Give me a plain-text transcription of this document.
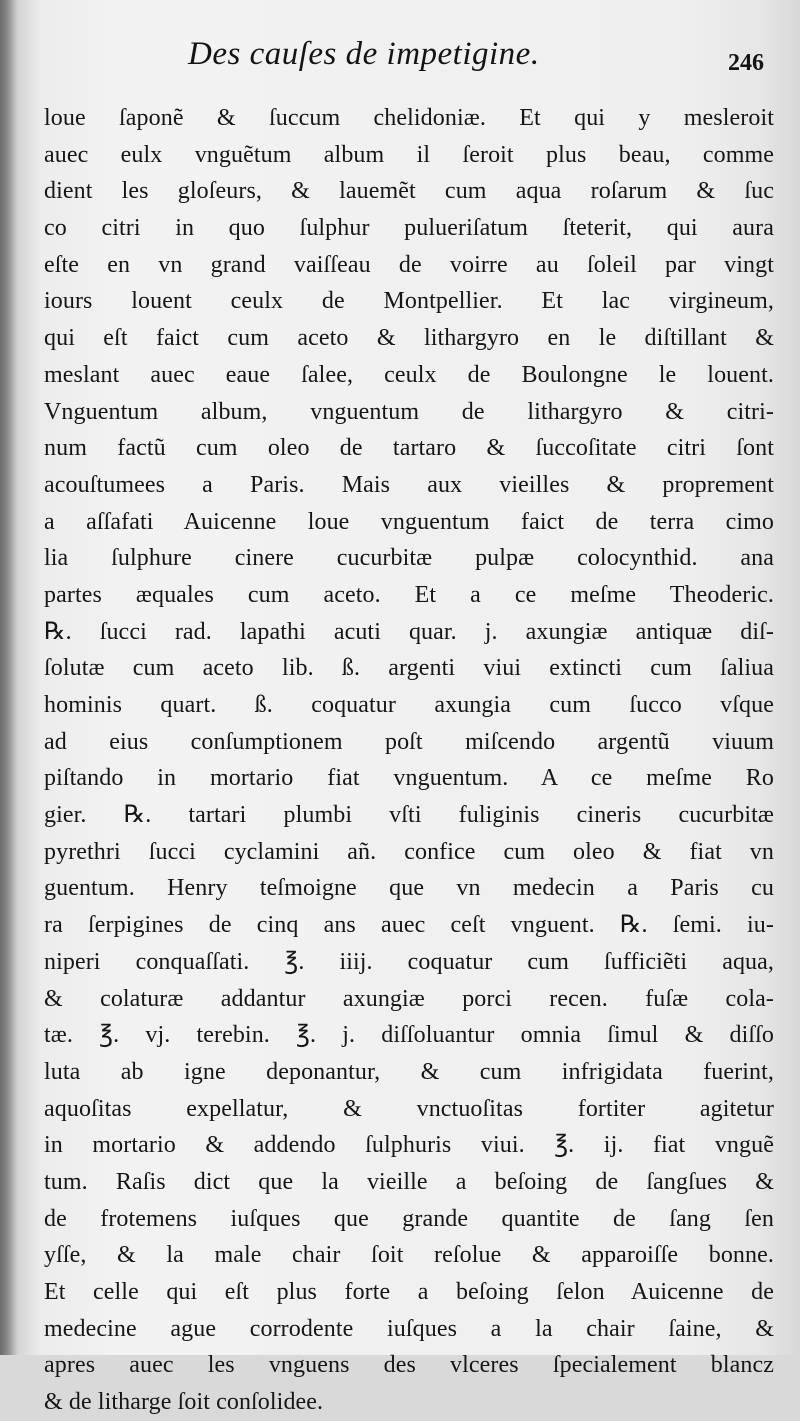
Des cauſes de impetigine.	246
loue ſaponẽ & ſuccum chelidoniæ. Et qui y mesleroit
auec eulx vnguẽtum album il ſeroit plus beau, comme
dient les gloſeurs, & lauemẽt cum aqua roſarum & ſuc
co citri in quo ſulphur pulueriſatum ſteterit, qui aura
eſte en vn grand vaiſſeau de voirre au ſoleil par vingt
iours louent ceulx de Montpellier. Et lac virgineum,
qui eſt faict cum aceto & lithargyro en le diſtillant &
meslant auec eaue ſalee, ceulx de Boulongne le louent.
Vnguentum album, vnguentum de lithargyro & citri-
num factũ cum oleo de tartaro & ſuccoſitate citri ſont
acouſtumees a Paris. Mais aux vieilles & proprement
a aſſafati Auicenne loue vnguentum faict de terra cimo
lia ſulphure cinere cucurbitæ pulpæ colocynthid. ana
partes æquales cum aceto. Et a ce meſme Theoderic.
℞. ſucci rad. lapathi acuti quar. j. axungiæ antiquæ diſ-
ſolutæ cum aceto lib. ß. argenti viui extincti cum ſaliua
hominis quart. ß. coquatur axungia cum ſucco vſque
ad eius conſumptionem poſt miſcendo argentũ viuum
piſtando in mortario fiat vnguentum. A ce meſme Ro
gier. ℞. tartari plumbi vſti fuliginis cineris cucurbitæ
pyrethri ſucci cyclamini añ. confice cum oleo & fiat vn
guentum. Henry teſmoigne que vn medecin a Paris cu
ra ſerpigines de cinq ans auec ceſt vnguent. ℞. ſemi. iu-
niperi conquaſſati. ℥. iiij. coquatur cum ſufficiẽti aqua,
& colaturæ addantur axungiæ porci recen. fuſæ cola-
tæ. ℥. vj. terebin. ℥. j. diſſoluantur omnia ſimul & diſſo
luta ab igne deponantur, & cum infrigidata fuerint,
aquoſitas expellatur, & vnctuoſitas fortiter agitetur
in mortario & addendo ſulphuris viui. ℥. ij. fiat vnguẽ
tum. Raſis dict que la vieille a beſoing de ſangſues &
de frotemens iuſques que grande quantite de ſang ſen
yſſe, & la male chair ſoit reſolue & apparoiſſe bonne.
Et celle qui eſt plus forte a beſoing ſelon Auicenne de
medecine ague corrodente iuſques a la chair ſaine, &
apres auec les vnguens des vlceres ſpecialement blancz
& de litharge ſoit conſolidee.
